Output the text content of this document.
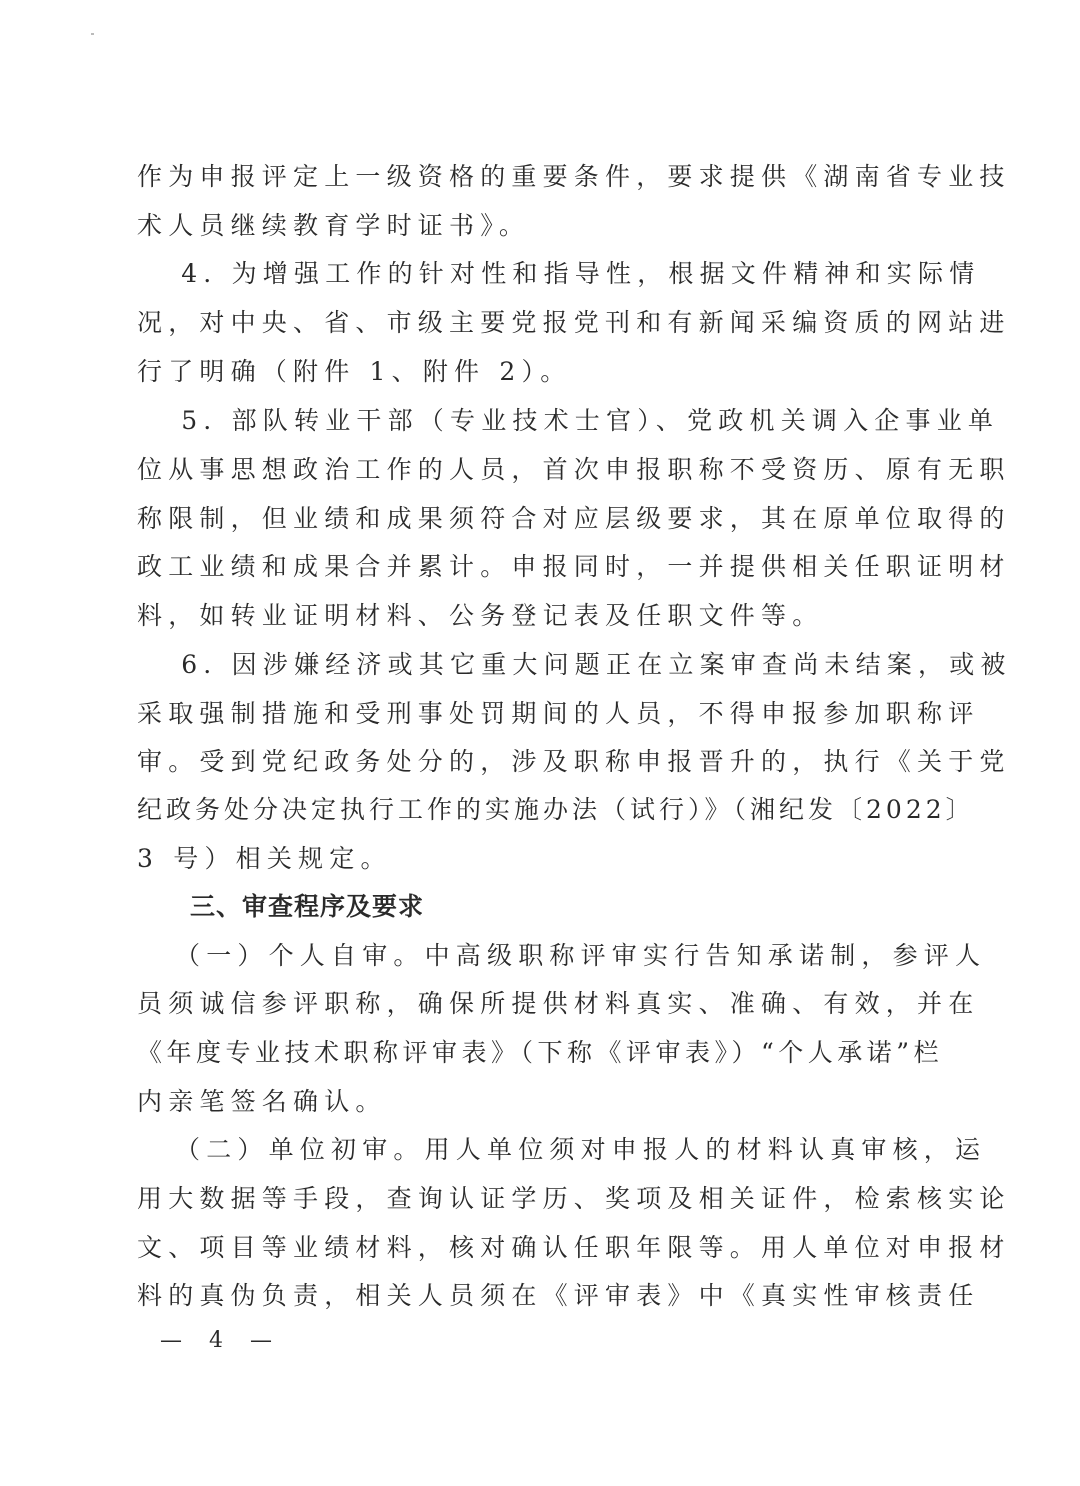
作为申报评定上一级资格的重要条件，要求提供《湖南省专业技
术人员继续教育学时证书》。
　4. 为增强工作的针对性和指导性，根据文件精神和实际情
况，对中央、省、市级主要党报党刊和有新闻采编资质的网站进
行了明确（附件 1、附件 2）。
　5. 部队转业干部（专业技术士官）、党政机关调入企事业单
位从事思想政治工作的人员，首次申报职称不受资历、原有无职
称限制，但业绩和成果须符合对应层级要求，其在原单位取得的
政工业绩和成果合并累计。申报同时，一并提供相关任职证明材
料，如转业证明材料、公务登记表及任职文件等。
　6. 因涉嫌经济或其它重大问题正在立案审查尚未结案，或被
采取强制措施和受刑事处罚期间的人员，不得申报参加职称评
审。受到党纪政务处分的，涉及职称申报晋升的，执行《关于党
纪政务处分决定执行工作的实施办法（试行）》（湘纪发〔2022〕
3 号）相关规定。
三、审查程序及要求
（一）个人自审。中高级职称评审实行告知承诺制，参评人
员须诚信参评职称，确保所提供材料真实、准确、有效，并在
《年度专业技术职称评审表》（下称《评审表》）“个人承诺”栏
内亲笔签名确认。
（二）单位初审。用人单位须对申报人的材料认真审核，运
用大数据等手段，查询认证学历、奖项及相关证件，检索核实论
文、项目等业绩材料，核对确认任职年限等。用人单位对申报材
料的真伪负责，相关人员须在《评审表》中《真实性审核责任
— 4 —
